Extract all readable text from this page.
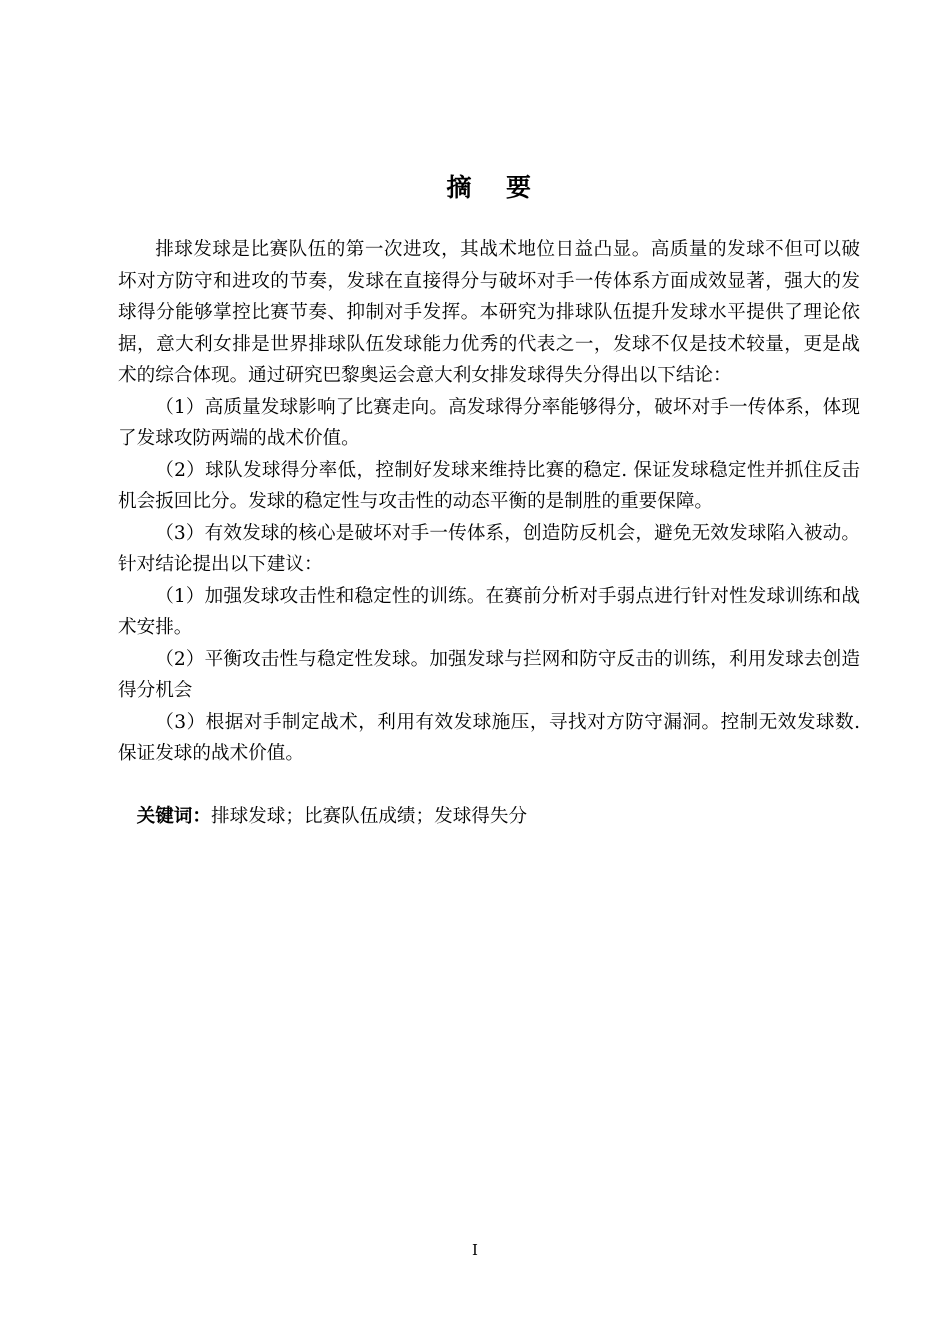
摘 要

排球发球是比赛队伍的第一次进攻，其战术地位日益凸显。高质量的发球不但可以破坏对方防守和进攻的节奏，发球在直接得分与破坏对手一传体系方面成效显著，强大的发球得分能够掌控比赛节奏、抑制对手发挥。本研究为排球队伍提升发球水平提供了理论依据，意大利女排是世界排球队伍发球能力优秀的代表之一，发球不仅是技术较量，更是战术的综合体现。通过研究巴黎奥运会意大利女排发球得失分得出以下结论：

（1）高质量发球影响了比赛走向。高发球得分率能够得分，破坏对手一传体系，体现了发球攻防两端的战术价值。

（2）球队发球得分率低，控制好发球来维持比赛的稳定. 保证发球稳定性并抓住反击机会扳回比分。发球的稳定性与攻击性的动态平衡的是制胜的重要保障。

（3）有效发球的核心是破坏对手一传体系，创造防反机会，避免无效发球陷入被动。针对结论提出以下建议：

（1）加强发球攻击性和稳定性的训练。在赛前分析对手弱点进行针对性发球训练和战术安排。

（2）平衡攻击性与稳定性发球。加强发球与拦网和防守反击的训练，利用发球去创造得分机会

（3）根据对手制定战术，利用有效发球施压，寻找对方防守漏洞。控制无效发球数. 保证发球的战术价值。

关键词：排球发球；比赛队伍成绩；发球得失分
I
